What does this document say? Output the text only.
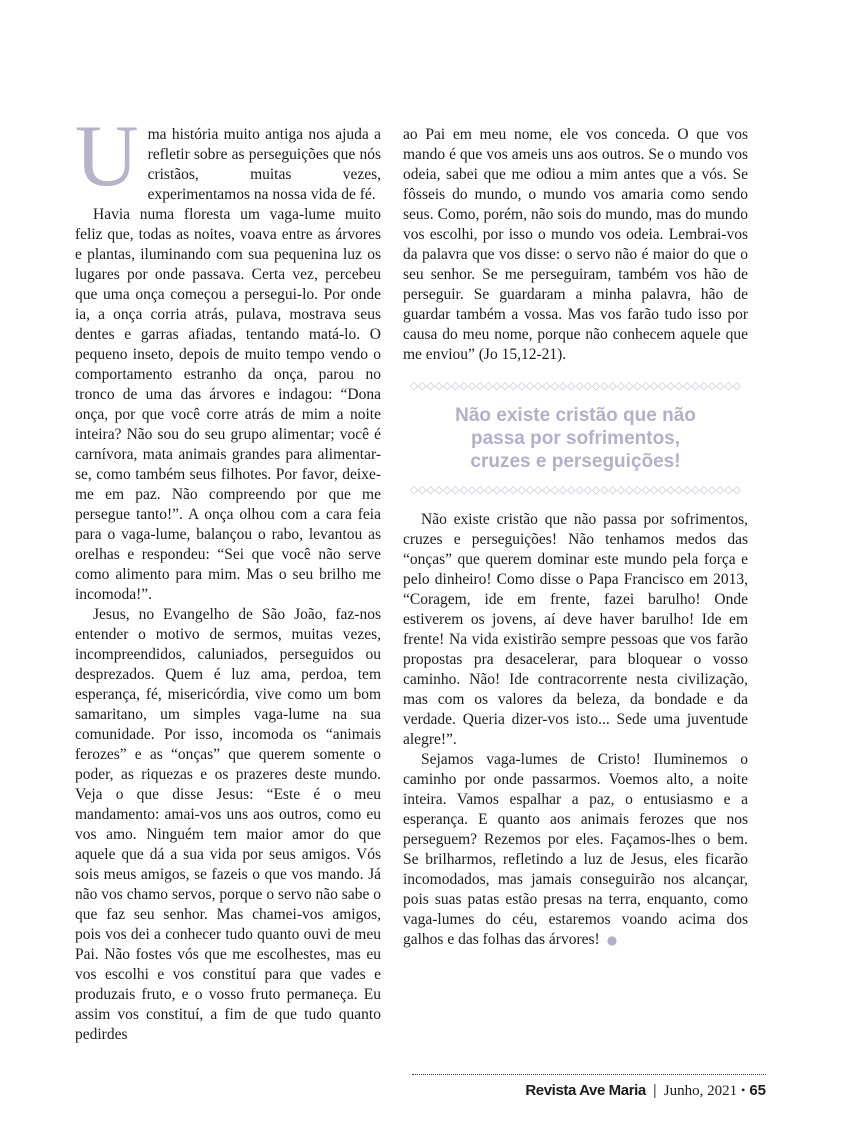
Uma história muito antiga nos ajuda a refletir sobre as perseguições que nós cristãos, muitas vezes, experimentamos na nossa vida de fé.

Havia numa floresta um vaga-lume muito feliz que, todas as noites, voava entre as árvores e plantas, iluminando com sua pequenina luz os lugares por onde passava. Certa vez, percebeu que uma onça começou a persegui-lo. Por onde ia, a onça corria atrás, pulava, mostrava seus dentes e garras afiadas, tentando matá-lo. O pequeno inseto, depois de muito tempo vendo o comportamento estranho da onça, parou no tronco de uma das árvores e indagou: “Dona onça, por que você corre atrás de mim a noite inteira? Não sou do seu grupo alimentar; você é carnívora, mata animais grandes para alimentar-se, como também seus filhotes. Por favor, deixe-me em paz. Não compreendo por que me persegue tanto!”. A onça olhou com a cara feia para o vaga-lume, balançou o rabo, levantou as orelhas e respondeu: “Sei que você não serve como alimento para mim. Mas o seu brilho me incomoda!”.

Jesus, no Evangelho de São João, faz-nos entender o motivo de sermos, muitas vezes, incompreendidos, caluniados, perseguidos ou desprezados. Quem é luz ama, perdoa, tem esperança, fé, misericórdia, vive como um bom samaritano, um simples vaga-lume na sua comunidade. Por isso, incomoda os “animais ferozes” e as “onças” que querem somente o poder, as riquezas e os prazeres deste mundo. Veja o que disse Jesus: “Este é o meu mandamento: amai-vos uns aos outros, como eu vos amo. Ninguém tem maior amor do que aquele que dá a sua vida por seus amigos. Vós sois meus amigos, se fazeis o que vos mando. Já não vos chamo servos, porque o servo não sabe o que faz seu senhor. Mas chamei-vos amigos, pois vos dei a conhecer tudo quanto ouvi de meu Pai. Não fostes vós que me escolhestes, mas eu vos escolhi e vos constituí para que vades e produzais fruto, e o vosso fruto permaneça. Eu assim vos constituí, a fim de que tudo quanto pedirdes

ao Pai em meu nome, ele vos conceda. O que vos mando é que vos ameis uns aos outros. Se o mundo vos odeia, sabei que me odiou a mim antes que a vós. Se fôsseis do mundo, o mundo vos amaria como sendo seus. Como, porém, não sois do mundo, mas do mundo vos escolhi, por isso o mundo vos odeia. Lembrai-vos da palavra que vos disse: o servo não é maior do que o seu senhor. Se me perseguiram, também vos hão de perseguir. Se guardaram a minha palavra, hão de guardar também a vossa. Mas vos farão tudo isso por causa do meu nome, porque não conhecem aquele que me enviou” (Jo 15,12-21).

◇◇◇◇◇◇◇◇◇◇◇◇◇◇◇◇◇◇◇◇◇◇◇◇◇◇◇◇◇◇◇◇◇◇◇◇◇◇◇◇
Não existe cristão que não
passa por sofrimentos,
cruzes e perseguições!
◇◇◇◇◇◇◇◇◇◇◇◇◇◇◇◇◇◇◇◇◇◇◇◇◇◇◇◇◇◇◇◇◇◇◇◇◇◇◇◇

Não existe cristão que não passa por sofrimentos, cruzes e perseguições! Não tenhamos medos das “onças” que querem dominar este mundo pela força e pelo dinheiro! Como disse o Papa Francisco em 2013, “Coragem, ide em frente, fazei barulho! Onde estiverem os jovens, aí deve haver barulho! Ide em frente! Na vida existirão sempre pessoas que vos farão propostas pra desacelerar, para bloquear o vosso caminho. Não! Ide contracorrente nesta civilização, mas com os valores da beleza, da bondade e da verdade. Queria dizer-vos isto... Sede uma juventude alegre!”.

Sejamos vaga-lumes de Cristo! Iluminemos o caminho por onde passarmos. Voemos alto, a noite inteira. Vamos espalhar a paz, o entusiasmo e a esperança. E quanto aos animais ferozes que nos perseguem? Rezemos por eles. Façamos-lhes o bem. Se brilharmos, refletindo a luz de Jesus, eles ficarão incomodados, mas jamais conseguirão nos alcançar, pois suas patas estão presas na terra, enquanto, como vaga-lumes do céu, estaremos voando acima dos galhos e das folhas das árvores! ●

Revista Ave Maria | Junho, 2021 • 65
